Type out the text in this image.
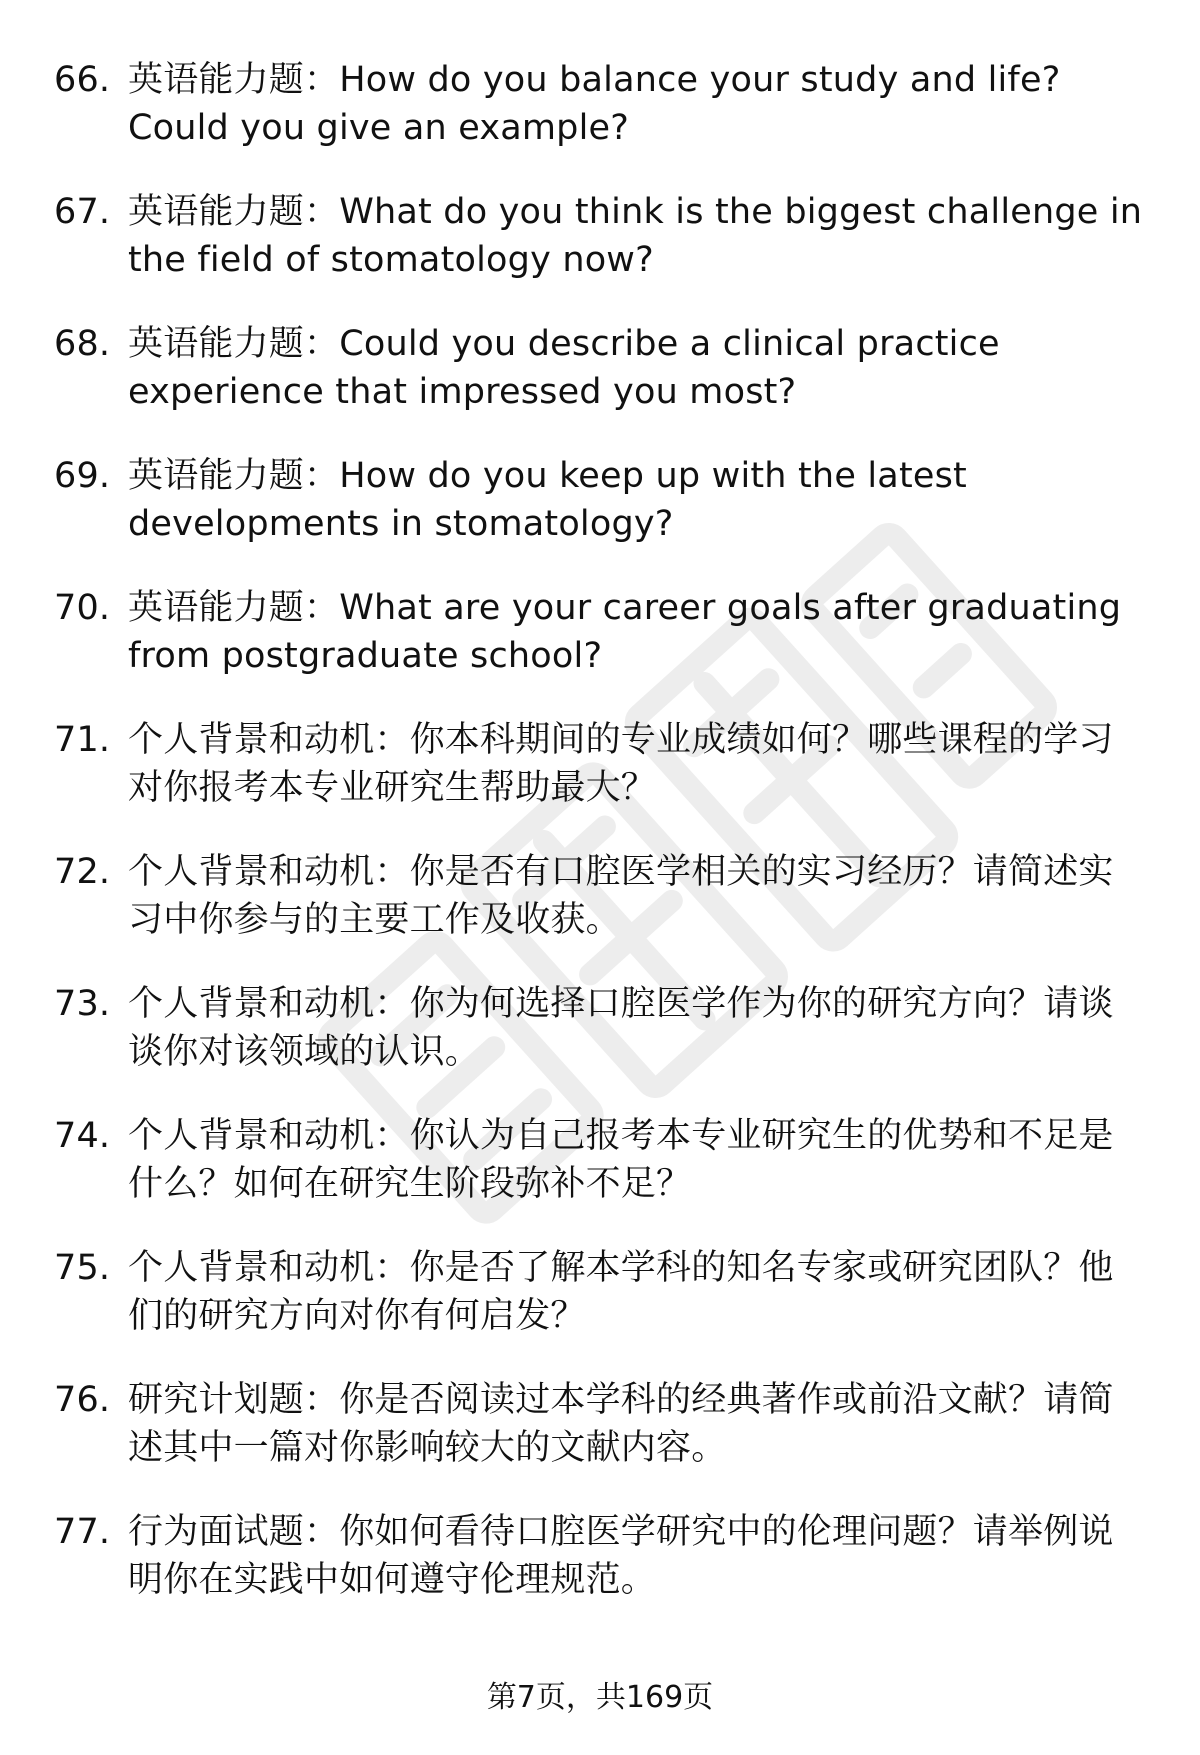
66. 英语能力题：How do you balance your study and life? Could you give an example?
67. 英语能力题：What do you think is the biggest challenge in the field of stomatology now?
68. 英语能力题：Could you describe a clinical practice experience that impressed you most?
69. 英语能力题：How do you keep up with the latest developments in stomatology?
70. 英语能力题：What are your career goals after graduating from postgraduate school?
71. 个人背景和动机：你本科期间的专业成绩如何？哪些课程的学习对你报考本专业研究生帮助最大？
72. 个人背景和动机：你是否有口腔医学相关的实习经历？请简述实习中你参与的主要工作及收获。
73. 个人背景和动机：你为何选择口腔医学作为你的研究方向？请谈谈你对该领域的认识。
74. 个人背景和动机：你认为自己报考本专业研究生的优势和不足是什么？如何在研究生阶段弥补不足？
75. 个人背景和动机：你是否了解本学科的知名专家或研究团队？他们的研究方向对你有何启发？
76. 研究计划题：你是否阅读过本学科的经典著作或前沿文献？请简述其中一篇对你影响较大的文献内容。
77. 行为面试题：你如何看待口腔医学研究中的伦理问题？请举例说明你在实践中如何遵守伦理规范。
第7页，共169页
